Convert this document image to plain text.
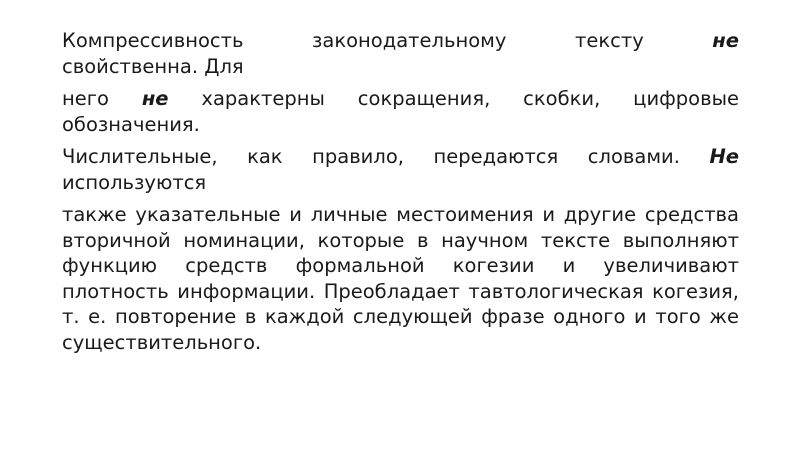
Компрессивность законодательному тексту не

свойственна. Для

него не характерны сокращения, скобки, цифровые обозначения.

Числительные, как правило, передаются словами. Не используются

также указательные и личные местоимения и другие средства вторичной номинации, которые в научном тексте выполняют функцию средств формальной когезии и увеличивают плотность информации. Преобладает тавтологическая когезия, т. е. повторение в каждой следующей фразе одного и того же существительного.
